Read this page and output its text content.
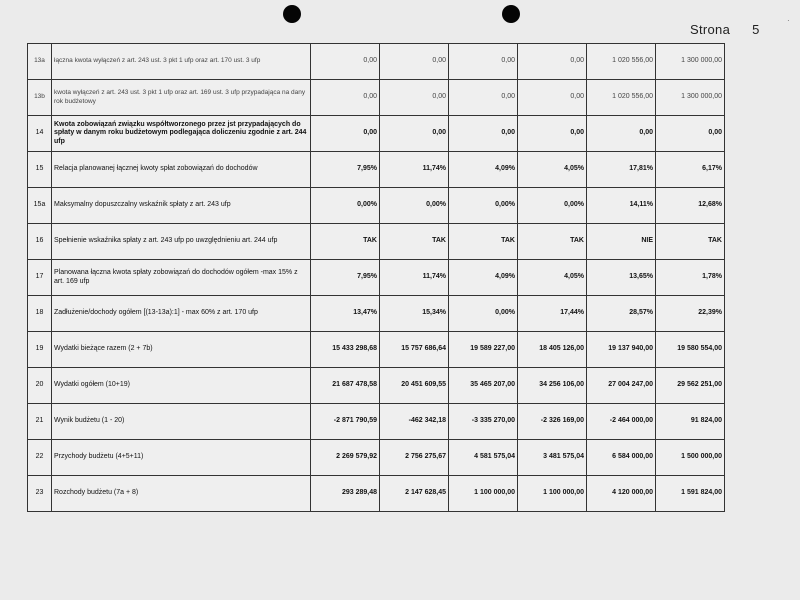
Strona 5
·
13a	łączna kwota wyłączeń z art. 243 ust. 3 pkt 1 ufp oraz art. 170 ust. 3 ufp	0,00	0,00	0,00	0,00	1 020 556,00	1 300 000,00
13b	kwota wyłączeń z art. 243 ust. 3 pkt 1 ufp oraz art. 169 ust. 3 ufp przypadająca na dany rok budżetowy	0,00	0,00	0,00	0,00	1 020 556,00	1 300 000,00
14	Kwota zobowiązań związku współtworzonego przez jst przypadających do spłaty w danym roku budżetowym podlegająca doliczeniu zgodnie z art. 244 ufp	0,00	0,00	0,00	0,00	0,00	0,00
15	Relacja planowanej łącznej kwoty spłat zobowiązań do dochodów	7,95%	11,74%	4,09%	4,05%	17,81%	6,17%
15a	Maksymalny dopuszczalny wskaźnik spłaty z art. 243 ufp	0,00%	0,00%	0,00%	0,00%	14,11%	12,68%
16	Spełnienie wskaźnika spłaty z art. 243 ufp po uwzględnieniu art. 244 ufp	TAK	TAK	TAK	TAK	NIE	TAK
17	Planowana łączna kwota spłaty zobowiązań do dochodów ogółem -max 15% z art. 169 ufp	7,95%	11,74%	4,09%	4,05%	13,65%	1,78%
18	Zadłużenie/dochody ogółem [(13-13a):1] - max 60% z art. 170 ufp	13,47%	15,34%	0,00%	17,44%	28,57%	22,39%
19	Wydatki bieżące razem (2 + 7b)	15 433 298,68	15 757 686,64	19 589 227,00	18 405 126,00	19 137 940,00	19 580 554,00
20	Wydatki ogółem (10+19)	21 687 478,58	20 451 609,55	35 465 207,00	34 256 106,00	27 004 247,00	29 562 251,00
21	Wynik budżetu (1 - 20)	-2 871 790,59	-462 342,18	-3 335 270,00	-2 326 169,00	-2 464 000,00	91 824,00
22	Przychody budżetu (4+5+11)	2 269 579,92	2 756 275,67	4 581 575,04	3 481 575,04	6 584 000,00	1 500 000,00
23	Rozchody budżetu (7a + 8)	293 289,48	2 147 628,45	1 100 000,00	1 100 000,00	4 120 000,00	1 591 824,00
